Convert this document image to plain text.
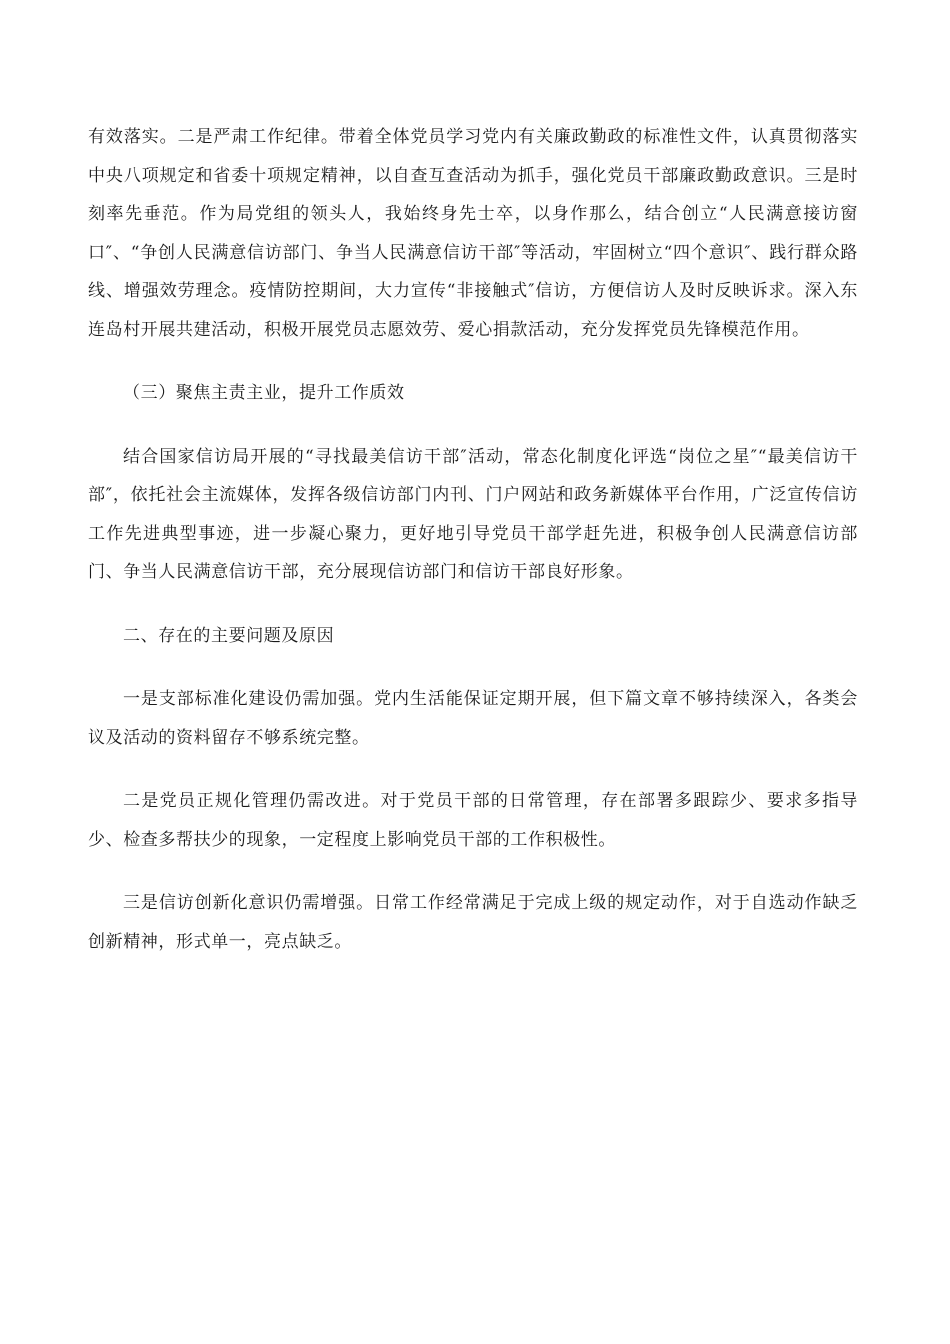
有效落实。二是严肃工作纪律。带着全体党员学习党内有关廉政勤政的标准性文件，认真贯彻落实中央八项规定和省委十项规定精神，以自查互查活动为抓手，强化党员干部廉政勤政意识。三是时刻率先垂范。作为局党组的领头人，我始终身先士卒，以身作那么，结合创立“人民满意接访窗口″、“争创人民满意信访部门、争当人民满意信访干部″等活动，牢固树立“四个意识″、践行群众路线、增强效劳理念。疫情防控期间，大力宣传“非接触式″信访，方便信访人及时反映诉求。深入东连岛村开展共建活动，积极开展党员志愿效劳、爱心捐款活动，充分发挥党员先锋模范作用。

（三）聚焦主责主业，提升工作质效

结合国家信访局开展的“寻找最美信访干部″活动，常态化制度化评选“岗位之星″“最美信访干部″，依托社会主流媒体，发挥各级信访部门内刊、门户网站和政务新媒体平台作用，广泛宣传信访工作先进典型事迹，进一步凝心聚力，更好地引导党员干部学赶先进，积极争创人民满意信访部门、争当人民满意信访干部，充分展现信访部门和信访干部良好形象。

二、存在的主要问题及原因

一是支部标准化建设仍需加强。党内生活能保证定期开展，但下篇文章不够持续深入，各类会议及活动的资料留存不够系统完整。

二是党员正规化管理仍需改进。对于党员干部的日常管理，存在部署多跟踪少、要求多指导少、检查多帮扶少的现象，一定程度上影响党员干部的工作积极性。

三是信访创新化意识仍需增强。日常工作经常满足于完成上级的规定动作，对于自选动作缺乏创新精神，形式单一，亮点缺乏。
